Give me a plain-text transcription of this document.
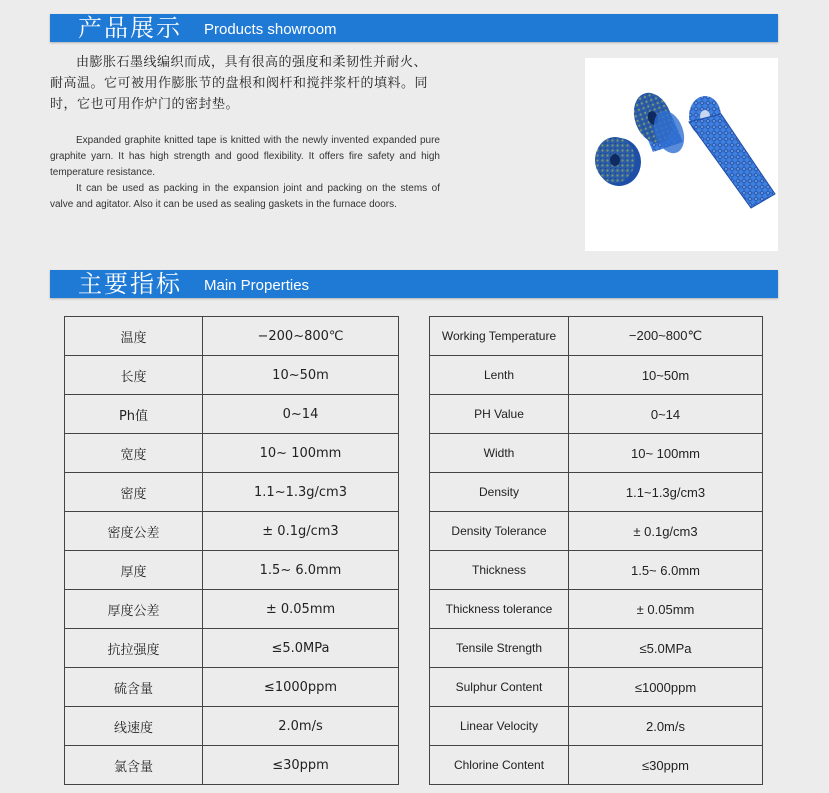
产品展示 Products showroom

由膨胀石墨线编织而成，具有很高的强度和柔韧性并耐火、耐高温。它可被用作膨胀节的盘根和阀杆和搅拌浆杆的填料。同时，它也可用作炉门的密封垫。

Expanded graphite knitted tape is knitted with the newly invented expanded pure graphite yarn. It has high strength and good flexibility. It offers fire safety and high temperature resistance.

It can be used as packing in the expansion joint and packing on the stems of valve and agitator. Also it can be used as sealing gaskets in the furnace doors.

主要指标 Main Properties
温度	−200~800℃
长度	10~50m
Ph值	0~14
宽度	10~ 100mm
密度	1.1~1.3g/cm3
密度公差	± 0.1g/cm3
厚度	1.5~ 6.0mm
厚度公差	± 0.05mm
抗拉强度	≤5.0MPa
硫含量	≤1000ppm
线速度	2.0m/s
氯含量	≤30ppm
Working Temperature	−200~800℃
Lenth	10~50m
PH Value	0~14
Width	10~ 100mm
Density	1.1~1.3g/cm3
Density Tolerance	± 0.1g/cm3
Thickness	1.5~ 6.0mm
Thickness tolerance	± 0.05mm
Tensile Strength	≤5.0MPa
Sulphur Content	≤1000ppm
Linear Velocity	2.0m/s
Chlorine Content	≤30ppm
